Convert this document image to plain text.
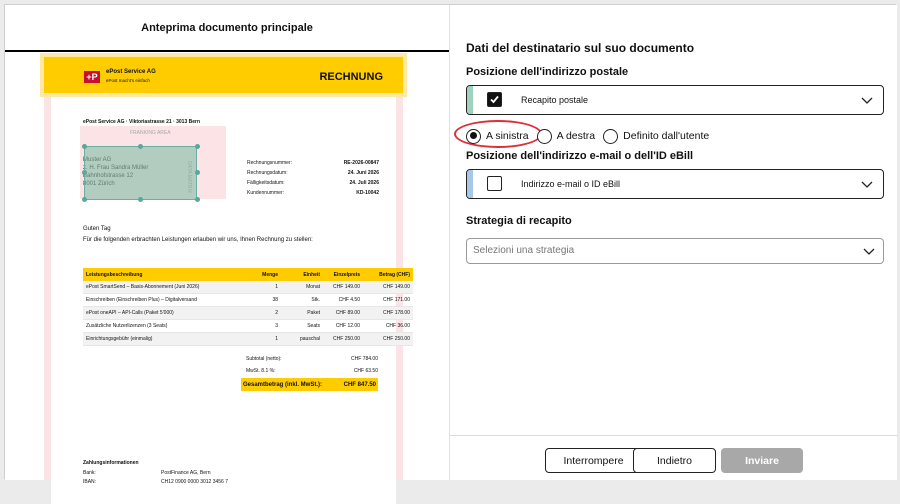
Anteprima documento principale
+P	ePost Service AG
ePost macht's einfach	RECHNUNG
ePost Service AG · Viktoriastrasse 21 · 3013 Bern
FRANKING AREA
Rechnungsnummer:	RE-2026-00847
Rechnungsdatum:	24. Juni 2026
Fälligkeitsdatum:	24. Juli 2026
Kundennummer:	KD-10042
Guten Tag
Für die folgenden erbrachten Leistungen erlauben wir uns, Ihnen Rechnung zu stellen:
Leistungsbeschreibung	Menge	Einheit	Einzelpreis	Betrag (CHF)
ePost SmartSend – Basis-Abonnement (Juni 2026)	1	Monat	CHF 149.00	CHF 149.00
Einschreiben (Einschreiben Plus) – Digitalversand	38	Stk.	CHF 4.50	CHF 171.00
ePost oneAPI – API-Calls (Paket 5'000)	2	Paket	CHF 89.00	CHF 178.00
Zusätzliche Nutzerlizenzen (3 Seats)	3	Seats	CHF 12.00	CHF 36.00
Einrichtungsgebühr (einmalig)	1	pauschal	CHF 250.00	CHF 250.00
Subtotal (netto):	CHF 784.00
MwSt. 8.1 %:	CHF 63.50
Gesamtbetrag (inkl. MwSt.):	CHF 847.50
Zahlungsinformationen
Bank:	PostFinance AG, Bern
IBAN:	CH12 0900 0000 3012 3456 7
Dati del destinatario sul suo documento
Posizione dell'indirizzo postale
Recapito postale
A sinistra	A destra	Definito dall'utente
Posizione dell'indirizzo e-mail o dell'ID eBill
Indirizzo e-mail o ID eBill
Strategia di recapito
Selezioni una strategia
Interrompere	Indietro	Inviare
